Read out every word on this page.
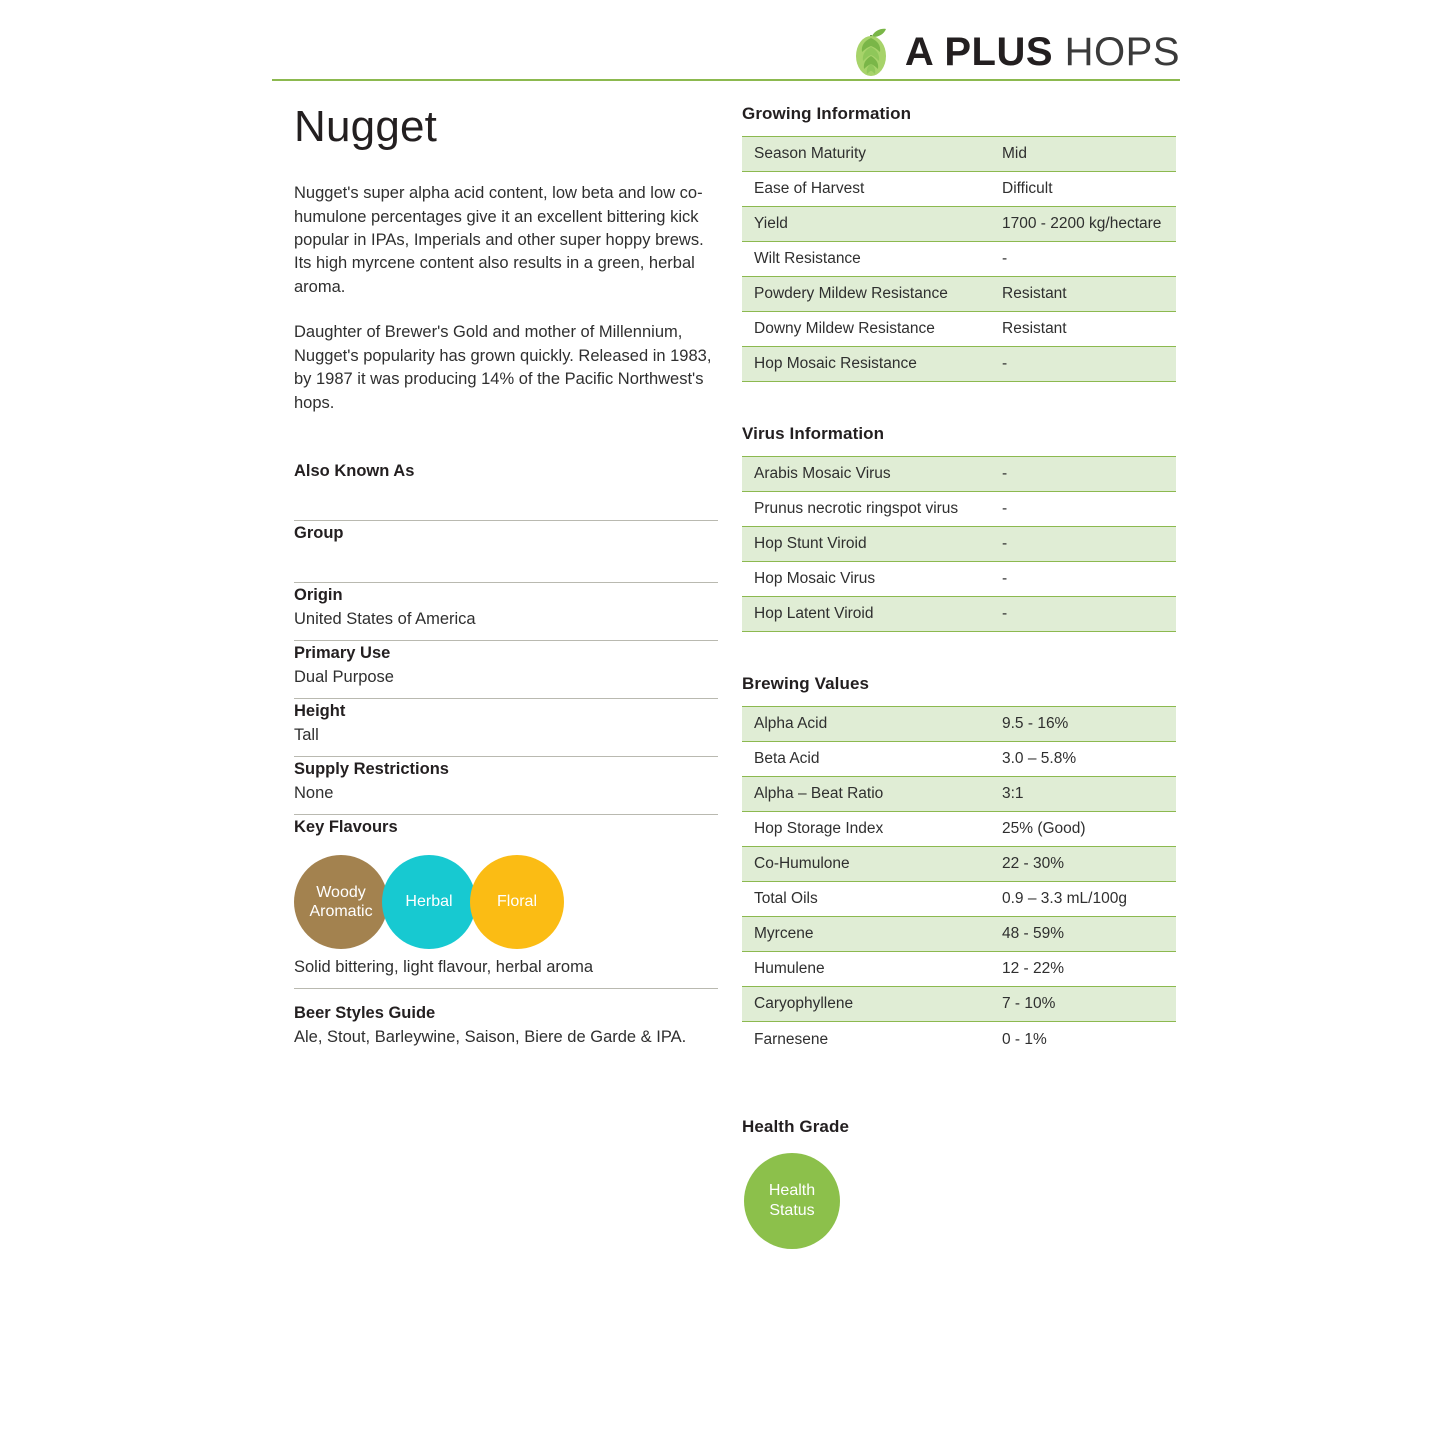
A PLUS HOPS
Nugget

Nugget's super alpha acid content, low beta and low co-humulone percentages give it an excellent bittering kick popular in IPAs, Imperials and other super hoppy brews. Its high myrcene content also results in a green, herbal aroma.

Daughter of Brewer's Gold and mother of Millennium, Nugget's popularity has grown quickly. Released in 1983, by 1987 it was producing 14% of the Pacific Northwest's hops.

Also Known As
Group
Origin
United States of America
Primary Use
Dual Purpose
Height
Tall
Supply Restrictions
None
Key Flavours
Woody Aromatic
Herbal	Floral
Solid bittering, light flavour, herbal aroma
Beer Styles Guide
Ale, Stout, Barleywine, Saison, Biere de Garde & IPA.
Growing Information
Season Maturity	Mid
Ease of Harvest	Difficult
Yield	1700 - 2200 kg/hectare
Wilt Resistance	-
Powdery Mildew Resistance	Resistant
Downy Mildew Resistance	Resistant
Hop Mosaic Resistance	-
Virus Information
Arabis Mosaic Virus	-
Prunus necrotic ringspot virus	-
Hop Stunt Viroid	-
Hop Mosaic Virus	-
Hop Latent Viroid	-
Brewing Values
Alpha Acid	9.5 - 16%
Beta Acid	3.0 – 5.8%
Alpha – Beat Ratio	3:1
Hop Storage Index	25% (Good)
Co-Humulone	22 - 30%
Total Oils	0.9 – 3.3 mL/100g
Myrcene	48 - 59%
Humulene	12 - 22%
Caryophyllene	7 - 10%
Farnesene	0 - 1%
Health Grade
Health Status
